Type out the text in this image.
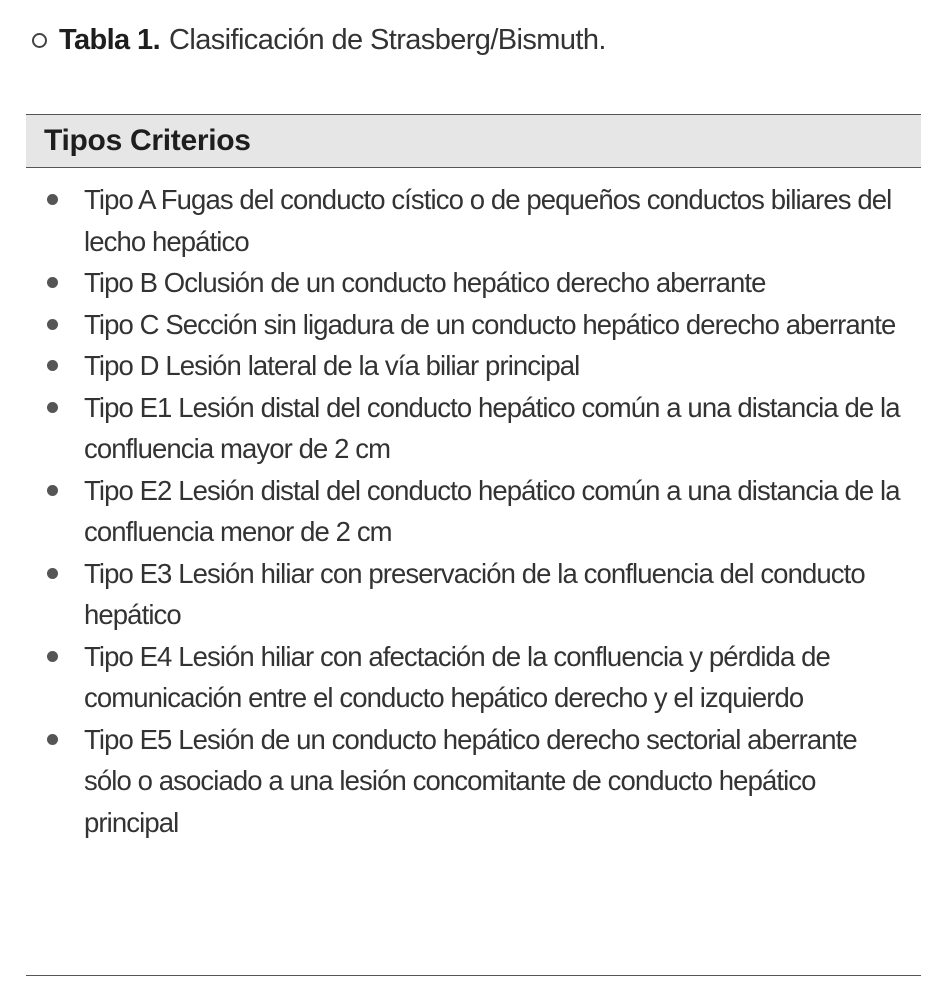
Tabla 1. Clasificación de Strasberg/Bismuth.
Tipos Criterios
Tipo A Fugas del conducto cístico o de pequeños conductos biliares del lecho hepático
Tipo B Oclusión de un conducto hepático derecho aberrante
Tipo C Sección sin ligadura de un conducto hepático derecho aberrante
Tipo D Lesión lateral de la vía biliar principal
Tipo E1 Lesión distal del conducto hepático común a una distancia de la confluencia mayor de 2 cm
Tipo E2 Lesión distal del conducto hepático común a una distancia de la confluencia menor de 2 cm
Tipo E3 Lesión hiliar con preservación de la confluencia del conducto hepático
Tipo E4 Lesión hiliar con afectación de la confluencia y pérdida de comunicación entre el conducto hepático derecho y el izquierdo
Tipo E5 Lesión de un conducto hepático derecho sectorial aberrante sólo o asociado a una lesión concomitante de conducto hepático principal
